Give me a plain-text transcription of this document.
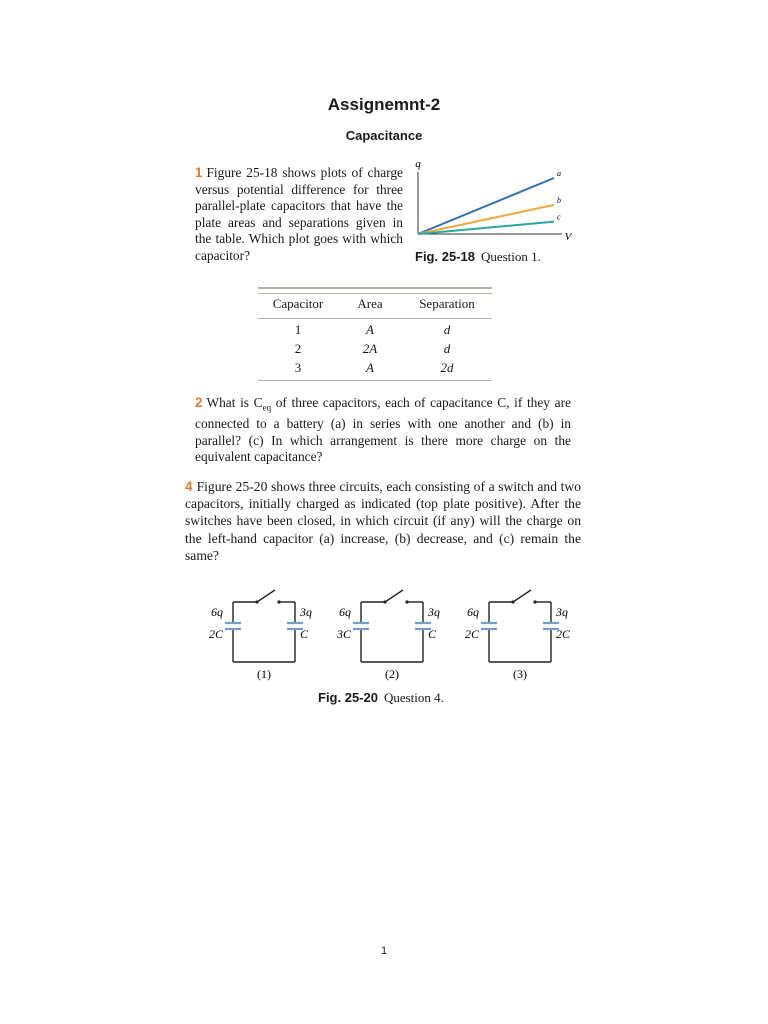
Assignemnt-2
Capacitance
1 Figure 25-18 shows plots of charge versus potential difference for three parallel-plate capacitors that have the plate areas and separations given in the table. Which plot goes with which capacitor?
q
V
a
b
c
Fig. 25-18 Question 1.
Capacitor	Area	Separation
1	A	d
2	2A	d
3	A	2d
2 What is $C_{eq}$ of three capacitors, each of capacitance C, if they are connected to a battery (a) in series with one another and (b) in parallel? (c) In which arrangement is there more charge on the equivalent capacitance?
4 Figure 25-20 shows three circuits, each consisting of a switch and two capacitors, initially charged as indicated (top plate positive). After the switches have been closed, in which circuit (if any) will the charge on the left-hand capacitor (a) increase, (b) decrease, and (c) remain the same?
6q
2C
3q
C
(1)
6q
3C
3q
C
(2)
6q
2C
3q
2C
(3)
Fig. 25-20 Question 4.
1
